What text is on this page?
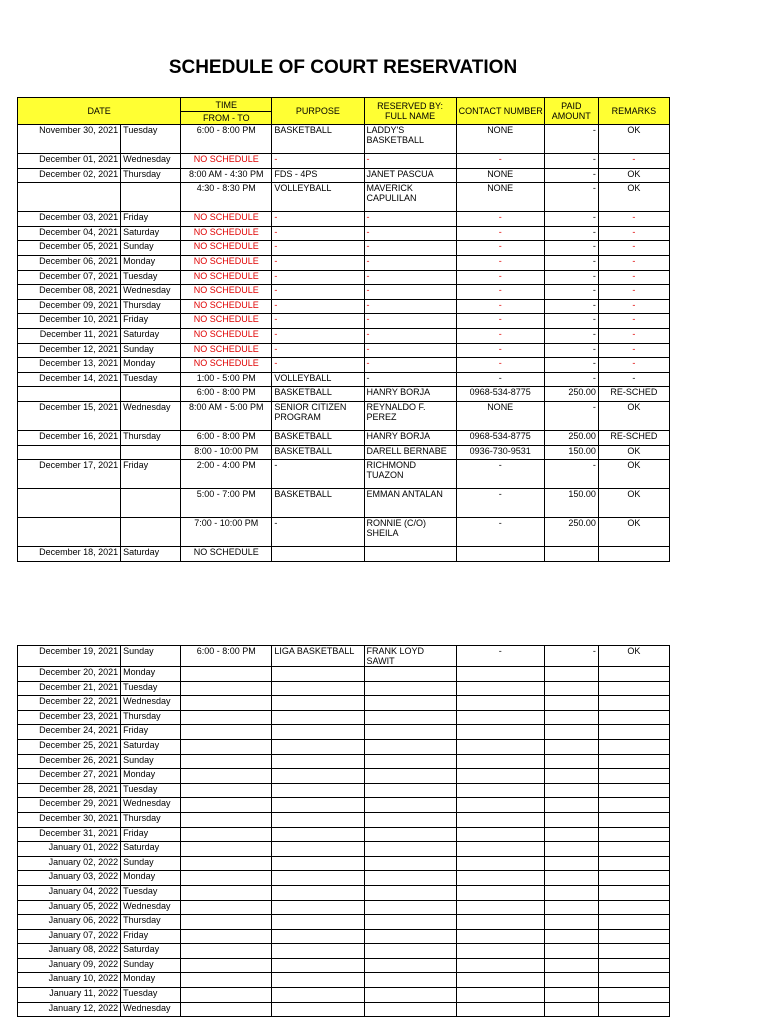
SCHEDULE OF COURT RESERVATION
DATE		TIME	PURPOSE	RESERVED BY: FULL NAME	CONTACT NUMBER	PAID AMOUNT	REMARKS
		FROM - TO					
November 30, 2021	Tuesday	6:00 - 8:00 PM	BASKETBALL	LADDY'S BASKETBALL	NONE	-	OK
December 01, 2021	Wednesday	NO SCHEDULE	-	-	-	-	-
December 02, 2021	Thursday	8:00 AM - 4:30 PM	FDS - 4PS	JANET PASCUA	NONE	-	OK
		4:30 - 8:30 PM	VOLLEYBALL	MAVERICK CAPULILAN	NONE	-	OK
December 03, 2021	Friday	NO SCHEDULE	-	-	-	-	-
December 04, 2021	Saturday	NO SCHEDULE	-	-	-	-	-
December 05, 2021	Sunday	NO SCHEDULE	-	-	-	-	-
December 06, 2021	Monday	NO SCHEDULE	-	-	-	-	-
December 07, 2021	Tuesday	NO SCHEDULE	-	-	-	-	-
December 08, 2021	Wednesday	NO SCHEDULE	-	-	-	-	-
December 09, 2021	Thursday	NO SCHEDULE	-	-	-	-	-
December 10, 2021	Friday	NO SCHEDULE	-	-	-	-	-
December 11, 2021	Saturday	NO SCHEDULE	-	-	-	-	-
December 12, 2021	Sunday	NO SCHEDULE	-	-	-	-	-
December 13, 2021	Monday	NO SCHEDULE	-	-	-	-	-
December 14, 2021	Tuesday	1:00 - 5:00 PM	VOLLEYBALL	-	-	-	-
		6:00 - 8:00 PM	BASKETBALL	HANRY BORJA	0968-534-8775	250.00	RE-SCHED
December 15, 2021	Wednesday	8:00 AM - 5:00 PM	SENIOR CITIZEN PROGRAM	REYNALDO F. PEREZ	NONE	-	OK
December 16, 2021	Thursday	6:00 - 8:00 PM	BASKETBALL	HANRY BORJA	0968-534-8775	250.00	RE-SCHED
		8:00 - 10:00 PM	BASKETBALL	DARELL BERNABE	0936-730-9531	150.00	OK
December 17, 2021	Friday	2:00 - 4:00 PM	-	RICHMOND TUAZON	-	-	OK
		5:00 - 7:00 PM	BASKETBALL	EMMAN ANTALAN	-	150.00	OK
		7:00 - 10:00 PM	-	RONNIE (C/O) SHEILA	-	250.00	OK
December 18, 2021	Saturday	NO SCHEDULE					
December 19, 2021	Sunday	6:00 - 8:00 PM	LIGA BASKETBALL	FRANK LOYD SAWIT	-	-	OK
December 20, 2021	Monday						
December 21, 2021	Tuesday						
December 22, 2021	Wednesday						
December 23, 2021	Thursday						
December 24, 2021	Friday						
December 25, 2021	Saturday						
December 26, 2021	Sunday						
December 27, 2021	Monday						
December 28, 2021	Tuesday						
December 29, 2021	Wednesday						
December 30, 2021	Thursday						
December 31, 2021	Friday						
January 01, 2022	Saturday						
January 02, 2022	Sunday						
January 03, 2022	Monday						
January 04, 2022	Tuesday						
January 05, 2022	Wednesday						
January 06, 2022	Thursday						
January 07, 2022	Friday						
January 08, 2022	Saturday						
January 09, 2022	Sunday						
January 10, 2022	Monday						
January 11, 2022	Tuesday						
January 12, 2022	Wednesday						
